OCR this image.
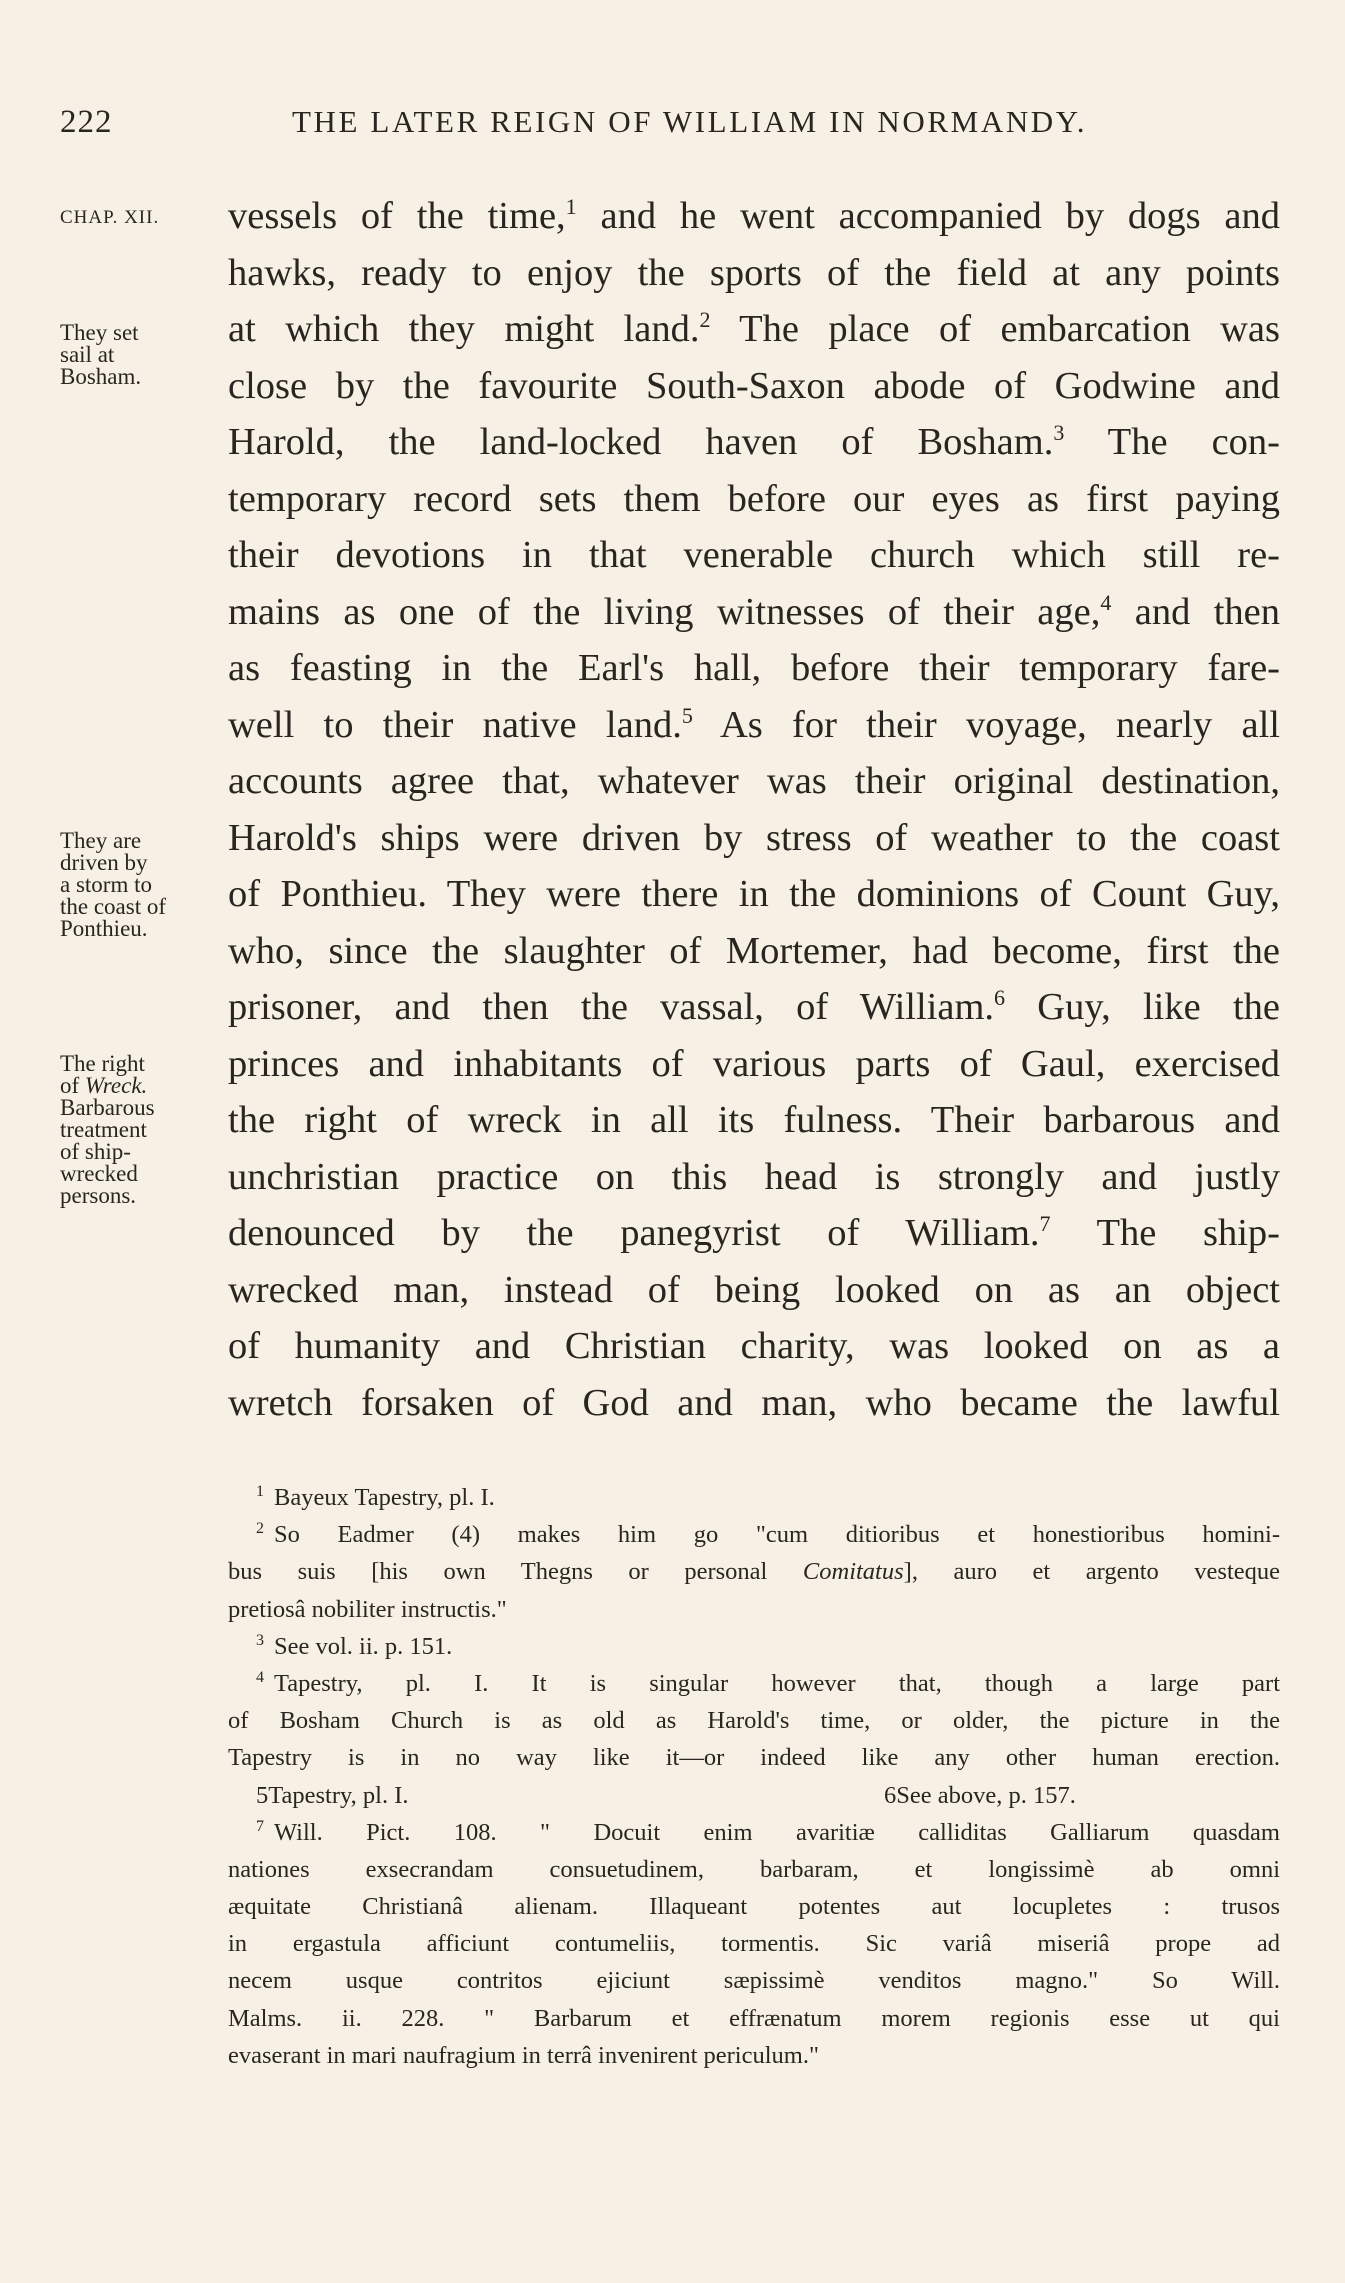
222	THE LATER REIGN OF WILLIAM IN NORMANDY.
CHAP. XII.
They set
sail at
Bosham.
They are
driven by
a storm to
the coast of
Ponthieu.
The right
of Wreck.
Barbarous
treatment
of ship-
wrecked
persons.
vessels of the time,$^1$ and he went accompanied by dogs and
hawks, ready to enjoy the sports of the field at any points
at which they might land.$^2$ The place of embarcation was
close by the favourite South-Saxon abode of Godwine and
Harold, the land-locked haven of Bosham.$^3$ The con-
temporary record sets them before our eyes as first paying
their devotions in that venerable church which still re-
mains as one of the living witnesses of their age,$^4$ and then
as feasting in the Earl's hall, before their temporary fare-
well to their native land.$^5$ As for their voyage, nearly all
accounts agree that, whatever was their original destination,
Harold's ships were driven by stress of weather to the coast
of Ponthieu. They were there in the dominions of Count Guy,
who, since the slaughter of Mortemer, had become, first the
prisoner, and then the vassal, of William.$^6$ Guy, like the
princes and inhabitants of various parts of Gaul, exercised
the right of wreck in all its fulness. Their barbarous and
unchristian practice on this head is strongly and justly
denounced by the panegyrist of William.$^7$ The ship-
wrecked man, instead of being looked on as an object
of humanity and Christian charity, was looked on as a
wretch forsaken of God and man, who became the lawful
$^1$ Bayeux Tapestry, pl. I.
$^2$ So Eadmer (4) makes him go "cum ditioribus et honestioribus homini-
bus suis [his own Thegns or personal Comitatus], auro et argento vesteque
pretiosâ nobiliter instructis."
$^3$ See vol. ii. p. 151.
$^4$ Tapestry, pl. I. It is singular however that, though a large part
of Bosham Church is as old as Harold's time, or older, the picture in the
Tapestry is in no way like it—or indeed like any other human erection.
5Tapestry, pl. I.	6See above, p. 157.
$^7$ Will. Pict. 108. " Docuit enim avaritiæ calliditas Galliarum quasdam
nationes exsecrandam consuetudinem, barbaram, et longissimè ab omni
æquitate Christianâ alienam. Illaqueant potentes aut locupletes : trusos
in ergastula afficiunt contumeliis, tormentis. Sic variâ miseriâ prope ad
necem usque contritos ejiciunt sæpissimè venditos magno." So Will.
Malms. ii. 228. " Barbarum et effrænatum morem regionis esse ut qui
evaserant in mari naufragium in terrâ invenirent periculum."
